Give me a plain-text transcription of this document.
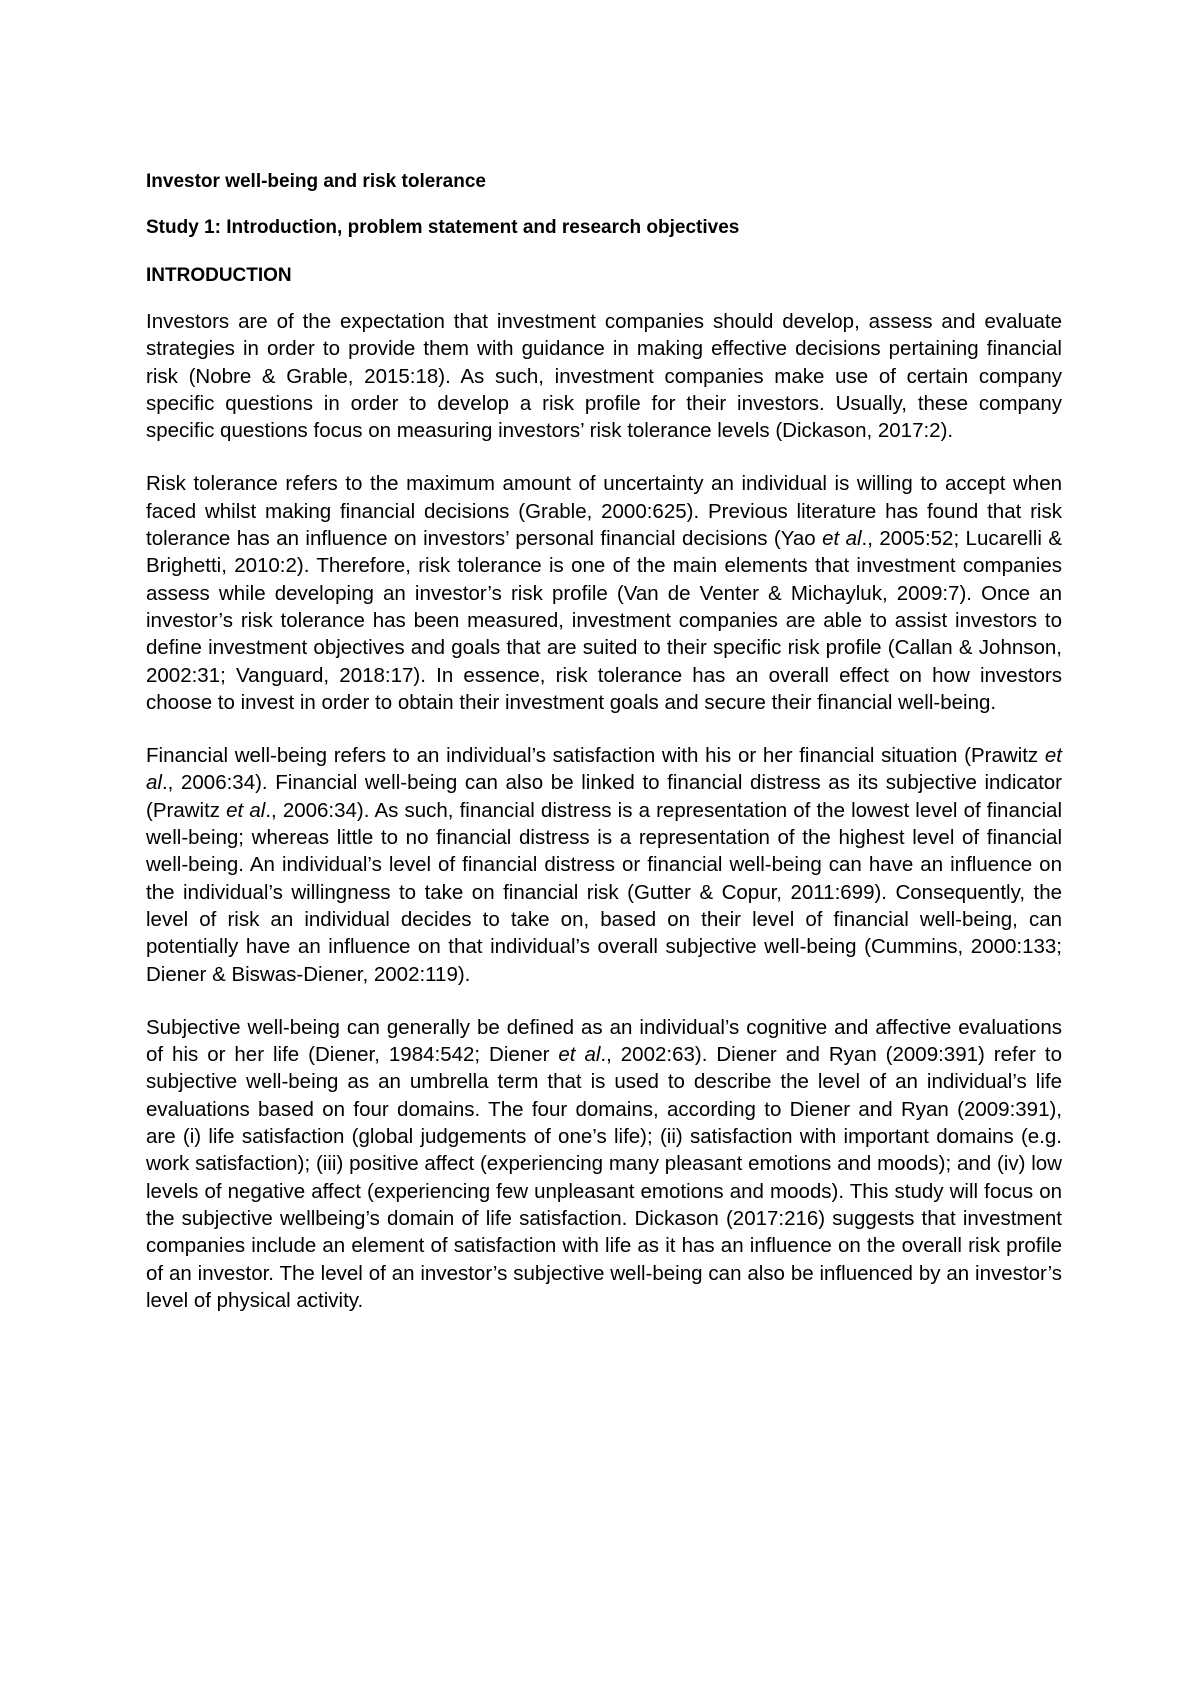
Investor well-being and risk tolerance
Study 1: Introduction, problem statement and research objectives
INTRODUCTION

Investors are of the expectation that investment companies should develop, assess and evaluate strategies in order to provide them with guidance in making effective decisions pertaining financial risk (Nobre & Grable, 2015:18). As such, investment companies make use of certain company specific questions in order to develop a risk profile for their investors. Usually, these company specific questions focus on measuring investors’ risk tolerance levels (Dickason, 2017:2).

Risk tolerance refers to the maximum amount of uncertainty an individual is willing to accept when faced whilst making financial decisions (Grable, 2000:625). Previous literature has found that risk tolerance has an influence on investors’ personal financial decisions (Yao et al., 2005:52; Lucarelli & Brighetti, 2010:2). Therefore, risk tolerance is one of the main elements that investment companies assess while developing an investor’s risk profile (Van de Venter & Michayluk, 2009:7). Once an investor’s risk tolerance has been measured, investment companies are able to assist investors to define investment objectives and goals that are suited to their specific risk profile (Callan & Johnson, 2002:31; Vanguard, 2018:17). In essence, risk tolerance has an overall effect on how investors choose to invest in order to obtain their investment goals and secure their financial well-being.

Financial well-being refers to an individual’s satisfaction with his or her financial situation (Prawitz et al., 2006:34). Financial well-being can also be linked to financial distress as its subjective indicator (Prawitz et al., 2006:34). As such, financial distress is a representation of the lowest level of financial well-being; whereas little to no financial distress is a representation of the highest level of financial well-being. An individual’s level of financial distress or financial well-being can have an influence on the individual’s willingness to take on financial risk (Gutter & Copur, 2011:699). Consequently, the level of risk an individual decides to take on, based on their level of financial well-being, can potentially have an influence on that individual’s overall subjective well-being (Cummins, 2000:133; Diener & Biswas-Diener, 2002:119).

Subjective well-being can generally be defined as an individual’s cognitive and affective evaluations of his or her life (Diener, 1984:542; Diener et al., 2002:63). Diener and Ryan (2009:391) refer to subjective well-being as an umbrella term that is used to describe the level of an individual’s life evaluations based on four domains. The four domains, according to Diener and Ryan (2009:391), are (i) life satisfaction (global judgements of one’s life); (ii) satisfaction with important domains (e.g. work satisfaction); (iii) positive affect (experiencing many pleasant emotions and moods); and (iv) low levels of negative affect (experiencing few unpleasant emotions and moods). This study will focus on the subjective wellbeing’s domain of life satisfaction. Dickason (2017:216) suggests that investment companies include an element of satisfaction with life as it has an influence on the overall risk profile of an investor. The level of an investor’s subjective well-being can also be influenced by an investor’s level of physical activity.
